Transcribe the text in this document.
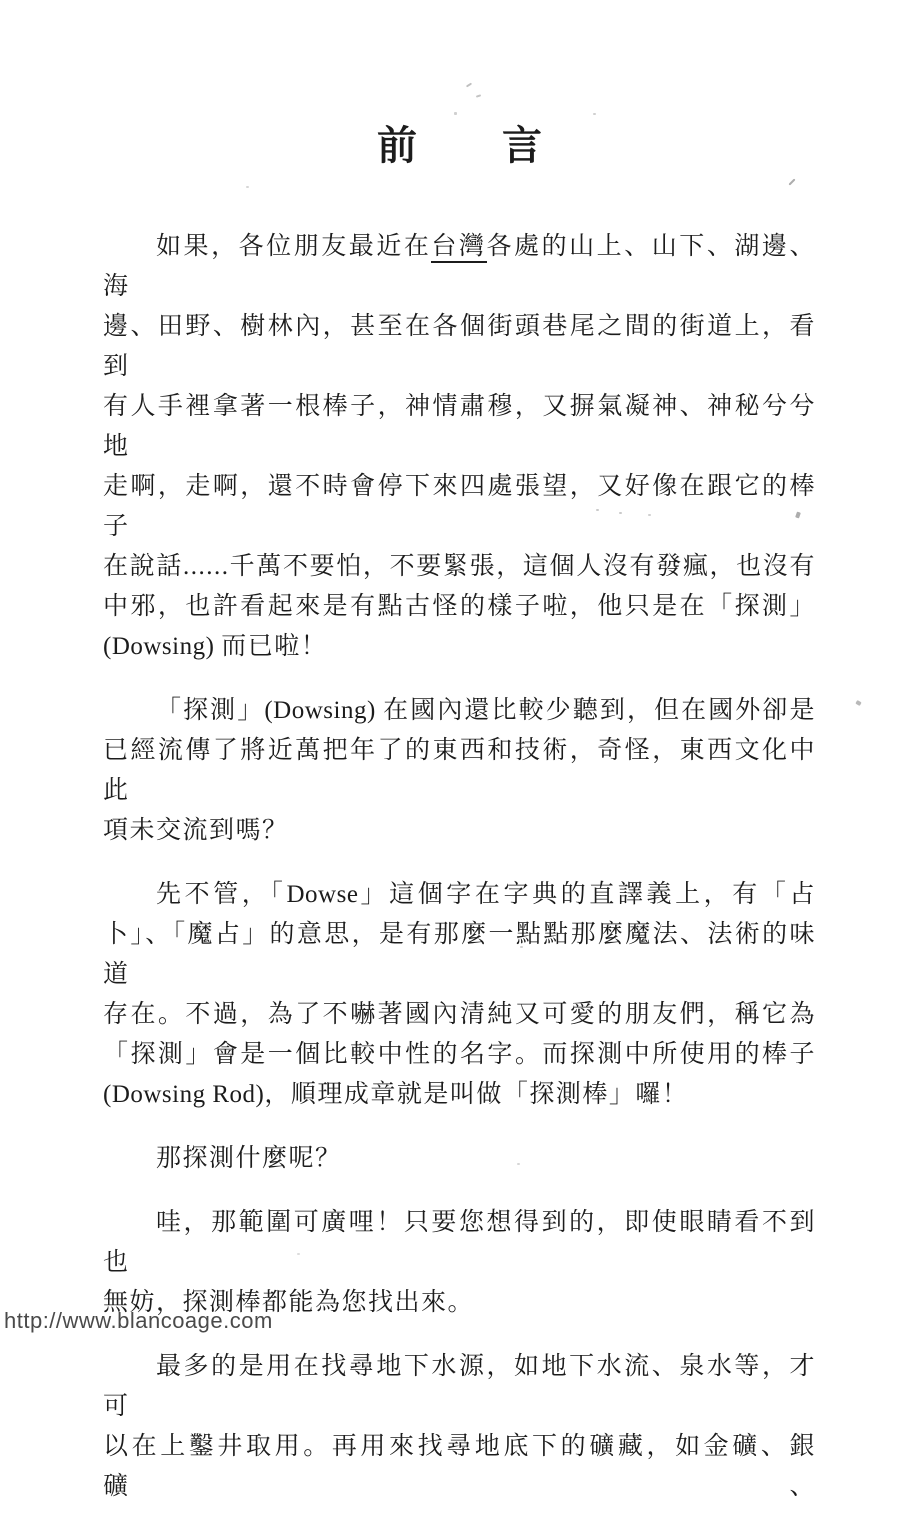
前 言
如果，各位朋友最近在台灣各處的山上、山下、湖邊、海
邊、田野、樹林內，甚至在各個街頭巷尾之間的街道上，看到
有人手裡拿著一根棒子，神情肅穆，又摒氣凝神、神秘兮兮地
走啊，走啊，還不時會停下來四處張望，又好像在跟它的棒子
在說話......千萬不要怕，不要緊張，這個人沒有發瘋，也沒有
中邪，也許看起來是有點古怪的樣子啦，他只是在「探測」
(Dowsing) 而已啦！
「探測」(Dowsing) 在國內還比較少聽到，但在國外卻是
已經流傳了將近萬把年了的東西和技術，奇怪，東西文化中此
項未交流到嗎？
先不管，「Dowse」這個字在字典的直譯義上，有「占
卜」、「魔占」的意思，是有那麼一點點那麼魔法、法術的味道
存在。不過，為了不嚇著國內清純又可愛的朋友們，稱它為
「探測」會是一個比較中性的名字。而探測中所使用的棒子
(Dowsing Rod)，順理成章就是叫做「探測棒」囉！
那探測什麼呢？
哇，那範圍可廣哩！只要您想得到的，即使眼睛看不到也
無妨，探測棒都能為您找出來。
最多的是用在找尋地下水源，如地下水流、泉水等，才可
以在上鑿井取用。再用來找尋地底下的礦藏，如金礦、銀礦、
http://www.blancoage.com
